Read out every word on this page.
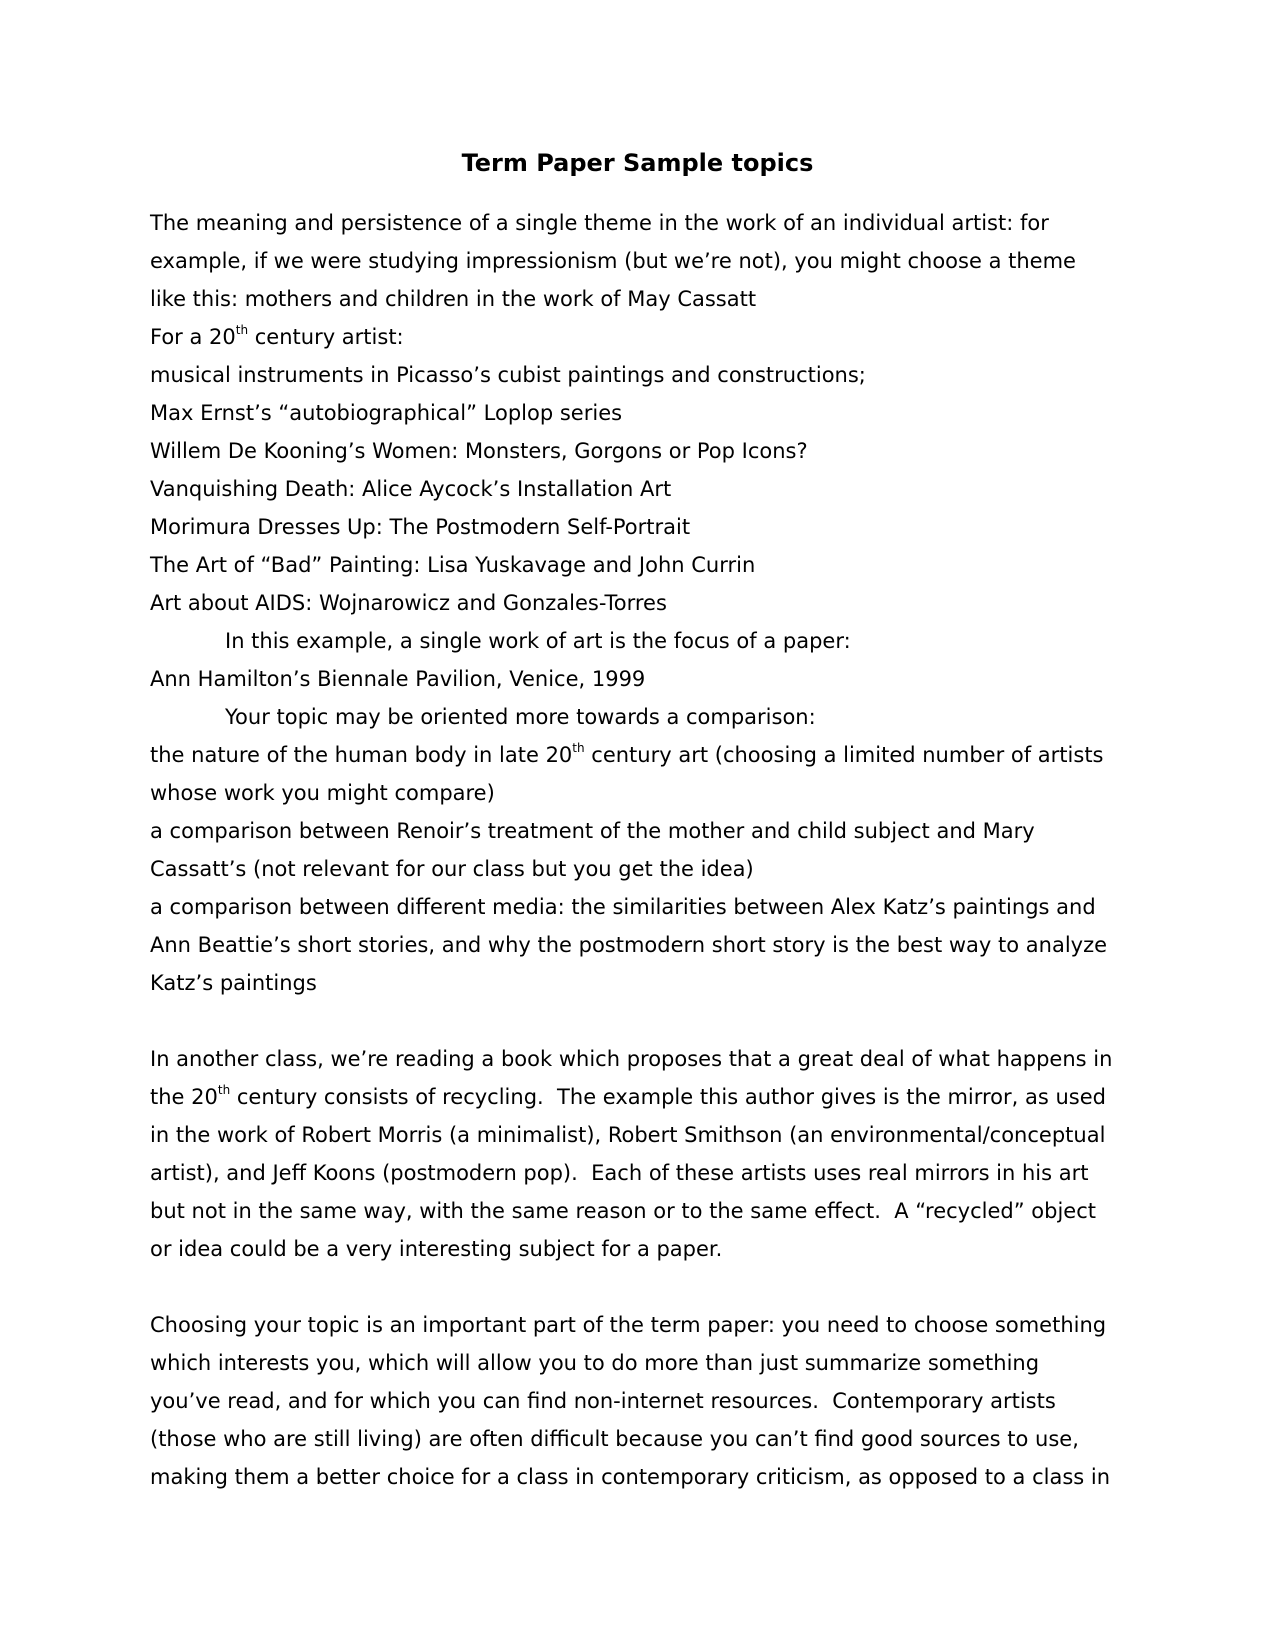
Term Paper Sample topics
The meaning and persistence of a single theme in the work of an individual artist: for
example, if we were studying impressionism (but we’re not), you might choose a theme
like this: mothers and children in the work of May Cassatt
For a 20th century artist:
musical instruments in Picasso’s cubist paintings and constructions;
Max Ernst’s “autobiographical” Loplop series
Willem De Kooning’s Women: Monsters, Gorgons or Pop Icons?
Vanquishing Death: Alice Aycock’s Installation Art
Morimura Dresses Up: The Postmodern Self-Portrait
The Art of “Bad” Painting: Lisa Yuskavage and John Currin
Art about AIDS: Wojnarowicz and Gonzales-Torres
In this example, a single work of art is the focus of a paper:
Ann Hamilton’s Biennale Pavilion, Venice, 1999
Your topic may be oriented more towards a comparison:
the nature of the human body in late 20th century art (choosing a limited number of artists
whose work you might compare)
a comparison between Renoir’s treatment of the mother and child subject and Mary
Cassatt’s (not relevant for our class but you get the idea)
a comparison between different media: the similarities between Alex Katz’s paintings and
Ann Beattie’s short stories, and why the postmodern short story is the best way to analyze
Katz’s paintings
In another class, we’re reading a book which proposes that a great deal of what happens in
the 20th century consists of recycling.  The example this author gives is the mirror, as used
in the work of Robert Morris (a minimalist), Robert Smithson (an environmental/conceptual
artist), and Jeff Koons (postmodern pop).  Each of these artists uses real mirrors in his art
but not in the same way, with the same reason or to the same effect.  A “recycled” object
or idea could be a very interesting subject for a paper.
Choosing your topic is an important part of the term paper: you need to choose something
which interests you, which will allow you to do more than just summarize something
you’ve read, and for which you can find non-internet resources.  Contemporary artists
(those who are still living) are often difficult because you can’t find good sources to use,
making them a better choice for a class in contemporary criticism, as opposed to a class in
